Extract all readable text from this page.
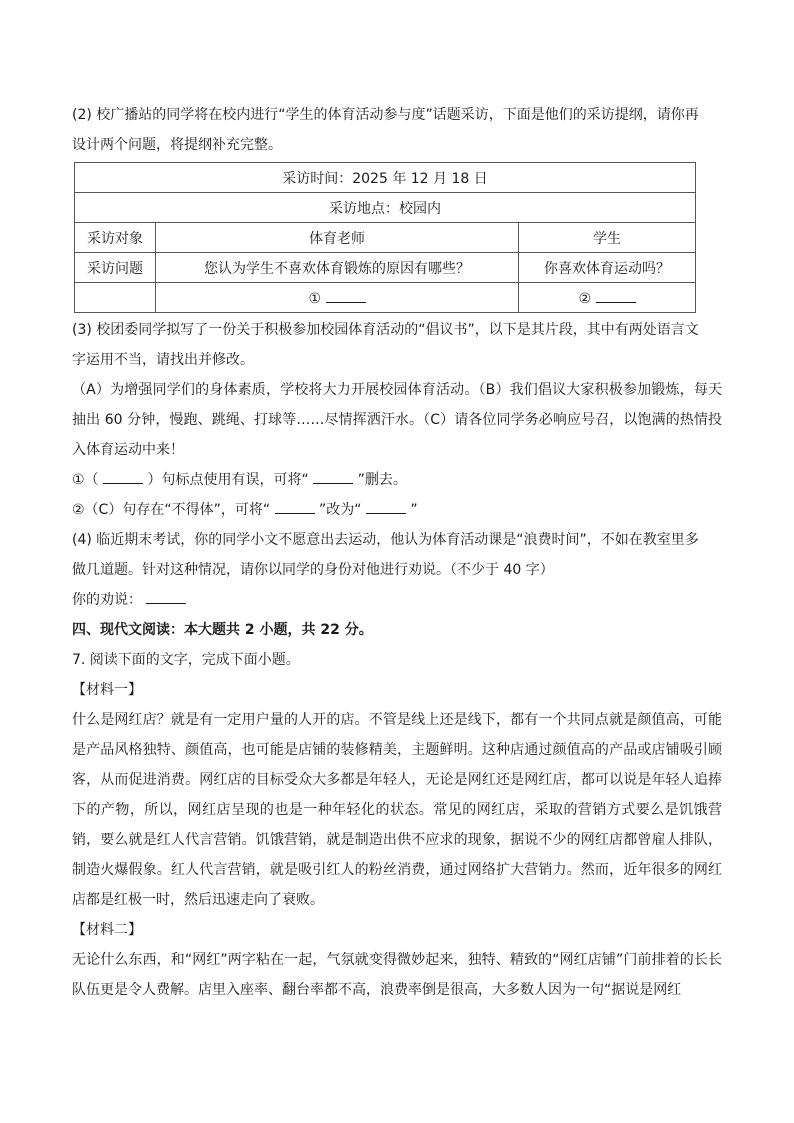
(2) 校广播站的同学将在校内进行“学生的体育活动参与度”话题采访，下面是他们的采访提纲，请你再

设计两个问题，将提纲补充完整。

采访时间：2025 年 12 月 18 日		
采访地点：校园内		
采访对象	体育老师	学生
采访问题	您认为学生不喜欢体育锻炼的原因有哪些？	你喜欢体育运动吗？
	①	②

(3) 校团委同学拟写了一份关于积极参加校园体育活动的“倡议书”，以下是其片段，其中有两处语言文

字运用不当，请找出并修改。

（A）为增强同学们的身体素质，学校将大力开展校园体育活动。（B）我们倡议大家积极参加锻炼，每天抽出 60 分钟，慢跑、跳绳、打球等……尽情挥洒汗水。（C）请各位同学务必响应号召，以饱满的热情投入体育运动中来！

①（	）句标点使用有误，可将“	”删去。

②（C）句存在“不得体”，可将“	”改为“	”

(4) 临近期末考试，你的同学小文不愿意出去运动，他认为体育活动课是“浪费时间”，不如在教室里多

做几道题。针对这种情况，请你以同学的身份对他进行劝说。（不少于 40 字）

你的劝说：

四、现代文阅读：本大题共 2 小题，共 22 分。

7. 阅读下面的文字，完成下面小题。

【材料一】

什么是网红店？就是有一定用户量的人开的店。不管是线上还是线下，都有一个共同点就是颜值高，可能是产品风格独特、颜值高，也可能是店铺的装修精美，主题鲜明。这种店通过颜值高的产品或店铺吸引顾客，从而促进消费。网红店的目标受众大多都是年轻人，无论是网红还是网红店，都可以说是年轻人追捧下的产物，所以，网红店呈现的也是一种年轻化的状态。常见的网红店，采取的营销方式要么是饥饿营销，要么就是红人代言营销。饥饿营销，就是制造出供不应求的现象，据说不少的网红店都曾雇人排队，制造火爆假象。红人代言营销，就是吸引红人的粉丝消费，通过网络扩大营销力。然而，近年很多的网红店都是红极一时，然后迅速走向了衰败。

【材料二】

无论什么东西，和“网红”两字粘在一起，气氛就变得微妙起来，独特、精致的“网红店铺”门前排着的长长队伍更是令人费解。店里入座率、翻台率都不高，浪费率倒是很高，大多数人因为一句“据说是网红
